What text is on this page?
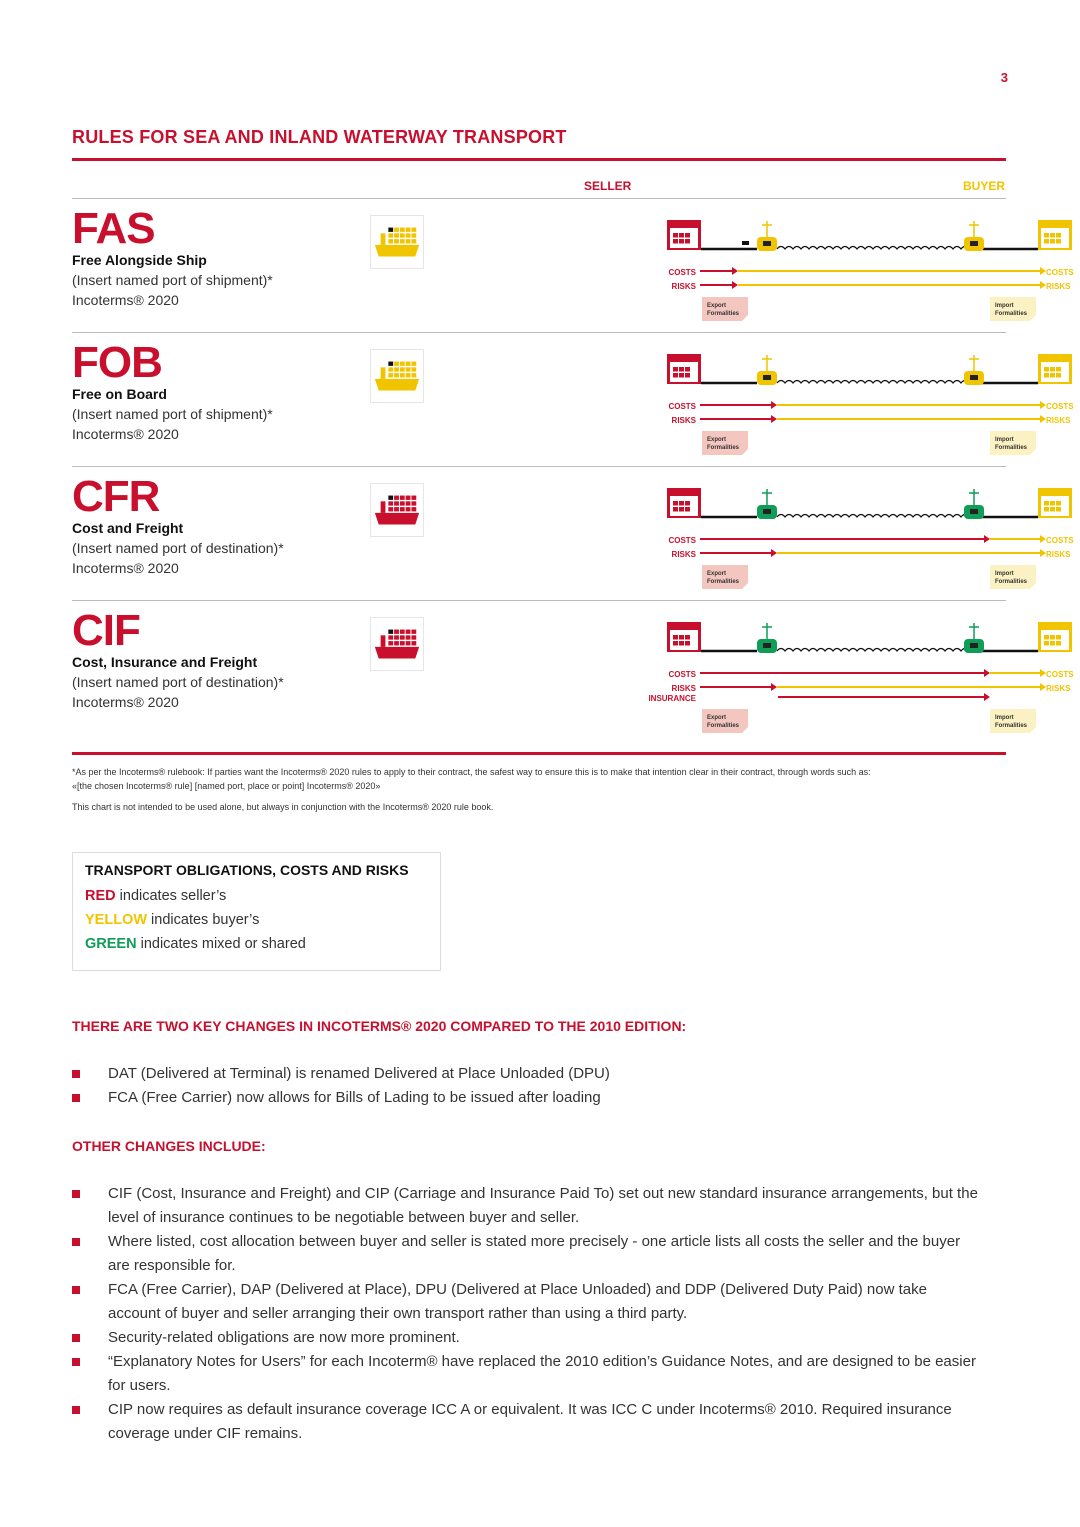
3
RULES FOR SEA AND INLAND WATERWAY TRANSPORT
SELLER	BUYER
FAS
Free Alongside Ship
(Insert named port of shipment)*
Incoterms® 2020
COSTS
RISKS
COSTS
RISKS
Export
Formalities
Import
Formalities
FOB
Free on Board
(Insert named port of shipment)*
Incoterms® 2020
COSTS
RISKS
COSTS
RISKS
Export
Formalities
Import
Formalities
CFR
Cost and Freight
(Insert named port of destination)*
Incoterms® 2020
COSTS
RISKS
COSTS
RISKS
Export
Formalities
Import
Formalities
CIF
Cost, Insurance and Freight
(Insert named port of destination)*
Incoterms® 2020
COSTS
RISKS
COSTS
RISKS
INSURANCE
Export
Formalities
Import
Formalities
*As per the Incoterms® rulebook: If parties want the Incoterms® 2020 rules to apply to their contract, the safest way to ensure this is to make that intention clear in their contract, through words such as:
«[the chosen Incoterms® rule] [named port, place or point] Incoterms® 2020»
This chart is not intended to be used alone, but always in conjunction with the Incoterms® 2020 rule book.
TRANSPORT OBLIGATIONS, COSTS AND RISKS
RED indicates seller’s
YELLOW indicates buyer’s
GREEN indicates mixed or shared
THERE ARE TWO KEY CHANGES IN INCOTERMS® 2020 COMPARED TO THE 2010 EDITION:
DAT (Delivered at Terminal) is renamed Delivered at Place Unloaded (DPU)
FCA (Free Carrier) now allows for Bills of Lading to be issued after loading
OTHER CHANGES INCLUDE:
CIF (Cost, Insurance and Freight) and CIP (Carriage and Insurance Paid To) set out new standard insurance arrangements, but the level of insurance continues to be negotiable between buyer and seller.
Where listed, cost allocation between buyer and seller is stated more precisely - one article lists all costs the seller and the buyer are responsible for.
FCA (Free Carrier), DAP (Delivered at Place), DPU (Delivered at Place Unloaded) and DDP (Delivered Duty Paid) now take account of buyer and seller arranging their own transport rather than using a third party.
Security-related obligations are now more prominent.
“Explanatory Notes for Users” for each Incoterm® have replaced the 2010 edition’s Guidance Notes, and are designed to be easier for users.
CIP now requires as default insurance coverage ICC A or equivalent. It was ICC C under Incoterms® 2010. Required insurance coverage under CIF remains.
